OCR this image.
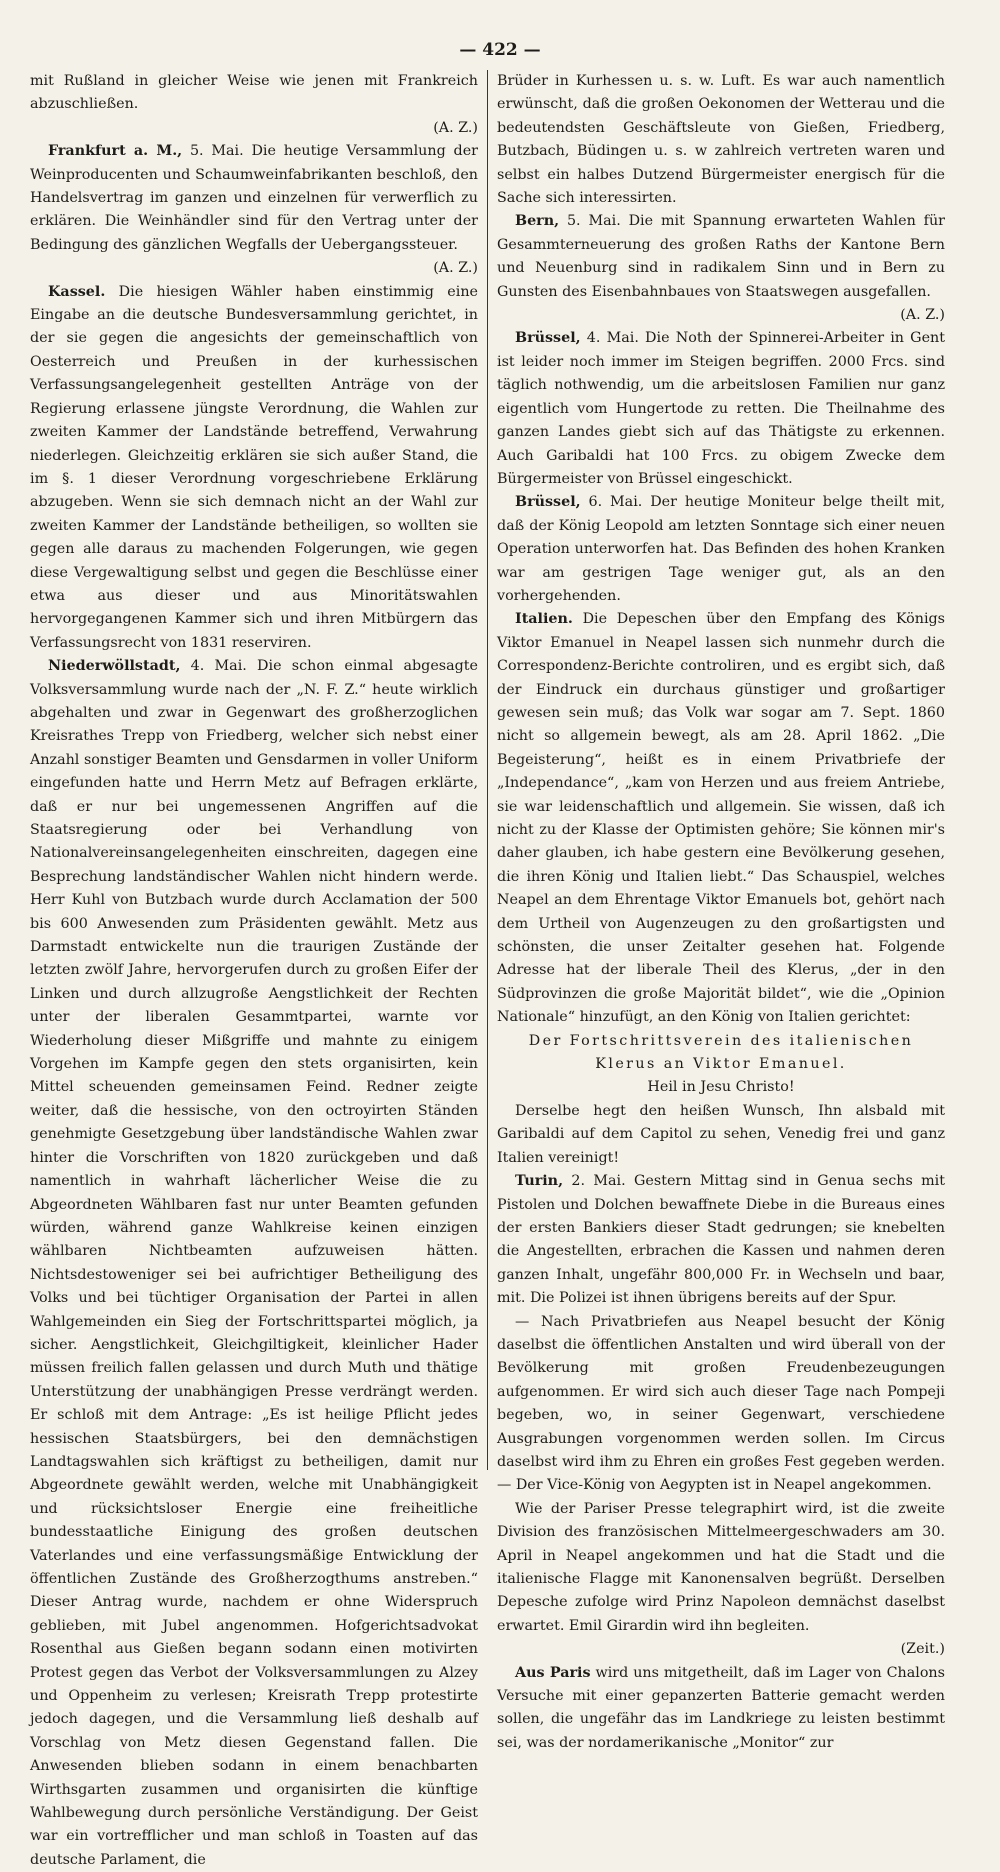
— 422 —

mit Rußland in gleicher Weise wie jenen mit Frankreich abzuschließen.
(A. Z.)

Frankfurt a. M., 5. Mai. Die heutige Versammlung der Weinproducenten und Schaumweinfabrikanten beschloß, den Handelsvertrag im ganzen und einzelnen für verwerflich zu erklären. Die Weinhändler sind für den Vertrag unter der Bedingung des gänzlichen Wegfalls der Uebergangssteuer.
(A. Z.)

Kassel. Die hiesigen Wähler haben einstimmig eine Eingabe an die deutsche Bundesversammlung gerichtet, in der sie gegen die angesichts der gemeinschaftlich von Oesterreich und Preußen in der kurhessischen Verfassungsangelegenheit gestellten Anträge von der Regierung erlassene jüngste Verordnung, die Wahlen zur zweiten Kammer der Landstände betreffend, Verwahrung niederlegen. Gleichzeitig erklären sie sich außer Stand, die im §. 1 dieser Verordnung vorgeschriebene Erklärung abzugeben. Wenn sie sich demnach nicht an der Wahl zur zweiten Kammer der Landstände betheiligen, so wollten sie gegen alle daraus zu machenden Folgerungen, wie gegen diese Vergewaltigung selbst und gegen die Beschlüsse einer etwa aus dieser und aus Minoritätswahlen hervorgegangenen Kammer sich und ihren Mitbürgern das Verfassungsrecht von 1831 reserviren.

Niederwöllstadt, 4. Mai. Die schon einmal abgesagte Volksversammlung wurde nach der „N. F. Z.“ heute wirklich abgehalten und zwar in Gegenwart des großherzoglichen Kreisrathes Trepp von Friedberg, welcher sich nebst einer Anzahl sonstiger Beamten und Gensdarmen in voller Uniform eingefunden hatte und Herrn Metz auf Befragen erklärte, daß er nur bei ungemessenen Angriffen auf die Staatsregierung oder bei Verhandlung von Nationalvereinsangelegenheiten einschreiten, dagegen eine Besprechung landständischer Wahlen nicht hindern werde. Herr Kuhl von Butzbach wurde durch Acclamation der 500 bis 600 Anwesenden zum Präsidenten gewählt. Metz aus Darmstadt entwickelte nun die traurigen Zustände der letzten zwölf Jahre, hervorgerufen durch zu großen Eifer der Linken und durch allzugroße Aengstlichkeit der Rechten unter der liberalen Gesammtpartei, warnte vor Wiederholung dieser Mißgriffe und mahnte zu einigem Vorgehen im Kampfe gegen den stets organisirten, kein Mittel scheuenden gemeinsamen Feind. Redner zeigte weiter, daß die hessische, von den octroyirten Ständen genehmigte Gesetzgebung über landständische Wahlen zwar hinter die Vorschriften von 1820 zurückgeben und daß namentlich in wahrhaft lächerlicher Weise die zu Abgeordneten Wählbaren fast nur unter Beamten gefunden würden, während ganze Wahlkreise keinen einzigen wählbaren Nichtbeamten aufzuweisen hätten. Nichtsdestoweniger sei bei aufrichtiger Betheiligung des Volks und bei tüchtiger Organisation der Partei in allen Wahlgemeinden ein Sieg der Fortschrittspartei möglich, ja sicher. Aengstlichkeit, Gleichgiltigkeit, kleinlicher Hader müssen freilich fallen gelassen und durch Muth und thätige Unterstützung der unabhängigen Presse verdrängt werden. Er schloß mit dem Antrage: „Es ist heilige Pflicht jedes hessischen Staatsbürgers, bei den demnächstigen Landtagswahlen sich kräftigst zu betheiligen, damit nur Abgeordnete gewählt werden, welche mit Unabhängigkeit und rücksichtsloser Energie eine freiheitliche bundesstaatliche Einigung des großen deutschen Vaterlandes und eine verfassungsmäßige Entwicklung der öffentlichen Zustände des Großherzogthums anstreben.“ Dieser Antrag wurde, nachdem er ohne Widerspruch geblieben, mit Jubel angenommen. Hofgerichtsadvokat Rosenthal aus Gießen begann sodann einen motivirten Protest gegen das Verbot der Volksversammlungen zu Alzey und Oppenheim zu verlesen; Kreisrath Trepp protestirte jedoch dagegen, und die Versammlung ließ deshalb auf Vorschlag von Metz diesen Gegenstand fallen. Die Anwesenden blieben sodann in einem benachbarten Wirthsgarten zusammen und organisirten die künftige Wahlbewegung durch persönliche Verständigung. Der Geist war ein vortrefflicher und man schloß in Toasten auf das deutsche Parlament, die

Brüder in Kurhessen u. s. w. Luft. Es war auch namentlich erwünscht, daß die großen Oekonomen der Wetterau und die bedeutendsten Geschäftsleute von Gießen, Friedberg, Butzbach, Büdingen u. s. w zahlreich vertreten waren und selbst ein halbes Dutzend Bürgermeister energisch für die Sache sich interessirten.

Bern, 5. Mai. Die mit Spannung erwarteten Wahlen für Gesammterneuerung des großen Raths der Kantone Bern und Neuenburg sind in radikalem Sinn und in Bern zu Gunsten des Eisenbahnbaues von Staatswegen ausgefallen.
(A. Z.)

Brüssel, 4. Mai. Die Noth der Spinnerei-Arbeiter in Gent ist leider noch immer im Steigen begriffen. 2000 Frcs. sind täglich nothwendig, um die arbeitslosen Familien nur ganz eigentlich vom Hungertode zu retten. Die Theilnahme des ganzen Landes giebt sich auf das Thätigste zu erkennen. Auch Garibaldi hat 100 Frcs. zu obigem Zwecke dem Bürgermeister von Brüssel eingeschickt.

Brüssel, 6. Mai. Der heutige Moniteur belge theilt mit, daß der König Leopold am letzten Sonntage sich einer neuen Operation unterworfen hat. Das Befinden des hohen Kranken war am gestrigen Tage weniger gut, als an den vorhergehenden.

Italien. Die Depeschen über den Empfang des Königs Viktor Emanuel in Neapel lassen sich nunmehr durch die Correspondenz-Berichte controliren, und es ergibt sich, daß der Eindruck ein durchaus günstiger und großartiger gewesen sein muß; das Volk war sogar am 7. Sept. 1860 nicht so allgemein bewegt, als am 28. April 1862. „Die Begeisterung“, heißt es in einem Privatbriefe der „Independance“, „kam von Herzen und aus freiem Antriebe, sie war leidenschaftlich und allgemein. Sie wissen, daß ich nicht zu der Klasse der Optimisten gehöre; Sie können mir's daher glauben, ich habe gestern eine Bevölkerung gesehen, die ihren König und Italien liebt.“ Das Schauspiel, welches Neapel an dem Ehrentage Viktor Emanuels bot, gehört nach dem Urtheil von Augenzeugen zu den großartigsten und schönsten, die unser Zeitalter gesehen hat. Folgende Adresse hat der liberale Theil des Klerus, „der in den Südprovinzen die große Majorität bildet“, wie die „Opinion Nationale“ hinzufügt, an den König von Italien gerichtet:

Der Fortschrittsverein des italienischen Klerus an Viktor Emanuel.

Heil in Jesu Christo!

Derselbe hegt den heißen Wunsch, Ihn alsbald mit Garibaldi auf dem Capitol zu sehen, Venedig frei und ganz Italien vereinigt!

Turin, 2. Mai. Gestern Mittag sind in Genua sechs mit Pistolen und Dolchen bewaffnete Diebe in die Bureaus eines der ersten Bankiers dieser Stadt gedrungen; sie knebelten die Angestellten, erbrachen die Kassen und nahmen deren ganzen Inhalt, ungefähr 800,000 Fr. in Wechseln und baar, mit. Die Polizei ist ihnen übrigens bereits auf der Spur.

— Nach Privatbriefen aus Neapel besucht der König daselbst die öffentlichen Anstalten und wird überall von der Bevölkerung mit großen Freudenbezeugungen aufgenommen. Er wird sich auch dieser Tage nach Pompeji begeben, wo, in seiner Gegenwart, verschiedene Ausgrabungen vorgenommen werden sollen. Im Circus daselbst wird ihm zu Ehren ein großes Fest gegeben werden. — Der Vice-König von Aegypten ist in Neapel angekommen.

Wie der Pariser Presse telegraphirt wird, ist die zweite Division des französischen Mittelmeergeschwaders am 30. April in Neapel angekommen und hat die Stadt und die italienische Flagge mit Kanonensalven begrüßt. Derselben Depesche zufolge wird Prinz Napoleon demnächst daselbst erwartet. Emil Girardin wird ihn begleiten.
(Zeit.)

Aus Paris wird uns mitgetheilt, daß im Lager von Chalons Versuche mit einer gepanzerten Batterie gemacht werden sollen, die ungefähr das im Landkriege zu leisten bestimmt sei, was der nordamerikanische „Monitor“ zur
